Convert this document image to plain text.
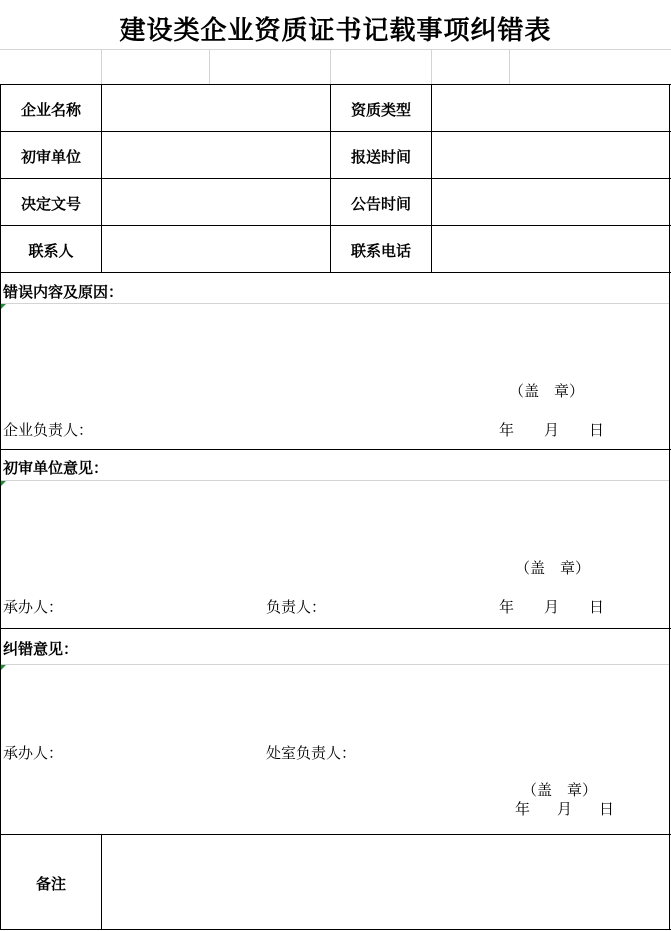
建设类企业资质证书记载事项纠错表
企业名称	资质类型
初审单位	报送时间
决定文号	公告时间
联系人	联系电话
错误内容及原因：
（盖　章）
企业负责人：	年　　月　　日
初审单位意见：
（盖　章）
承办人：	负责人：	年　　月　　日
纠错意见：
承办人：	处室负责人：
（盖　章）
年　　月　　日
备注
